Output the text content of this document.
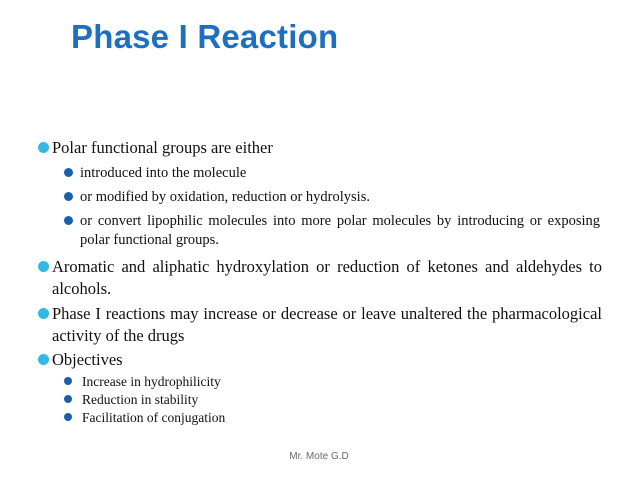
Phase I Reaction
Polar functional groups are either
introduced into the molecule
or modified by oxidation, reduction or hydrolysis.
or convert lipophilic molecules into more polar molecules by introducing or exposing polar functional groups.
Aromatic and aliphatic hydroxylation or reduction of ketones and aldehydes to alcohols.
Phase I reactions may increase or decrease or leave unaltered the pharmacological activity of the drugs
Objectives
Increase in hydrophilicity
Reduction in stability
Facilitation of conjugation
Mr. Mote G.D
